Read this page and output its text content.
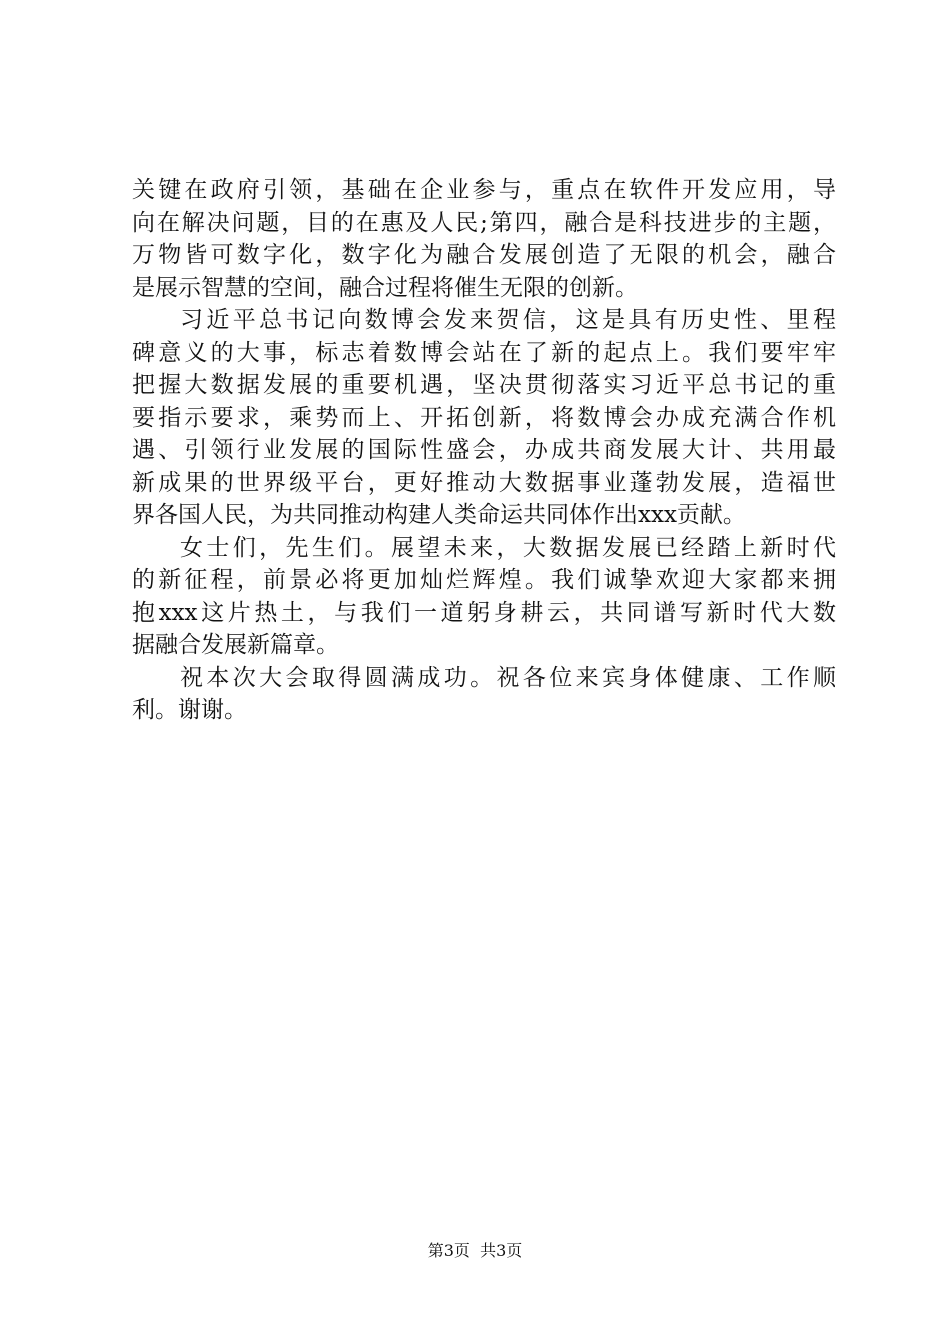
关键在政府引领，基础在企业参与，重点在软件开发应用，导
向在解决问题，目的在惠及人民;第四，融合是科技进步的主题，
万物皆可数字化，数字化为融合发展创造了无限的机会，融合
是展示智慧的空间，融合过程将催生无限的创新。
习近平总书记向数博会发来贺信，这是具有历史性、里程
碑意义的大事，标志着数博会站在了新的起点上。我们要牢牢
把握大数据发展的重要机遇，坚决贯彻落实习近平总书记的重
要指示要求，乘势而上、开拓创新，将数博会办成充满合作机
遇、引领行业发展的国际性盛会，办成共商发展大计、共用最
新成果的世界级平台，更好推动大数据事业蓬勃发展，造福世
界各国人民，为共同推动构建人类命运共同体作出xxx贡献。
女士们，先生们。展望未来，大数据发展已经踏上新时代
的新征程，前景必将更加灿烂辉煌。我们诚挚欢迎大家都来拥
抱xxx这片热土，与我们一道躬身耕云，共同谱写新时代大数
据融合发展新篇章。
祝本次大会取得圆满成功。祝各位来宾身体健康、工作顺
利。谢谢。
第3页 共3页
